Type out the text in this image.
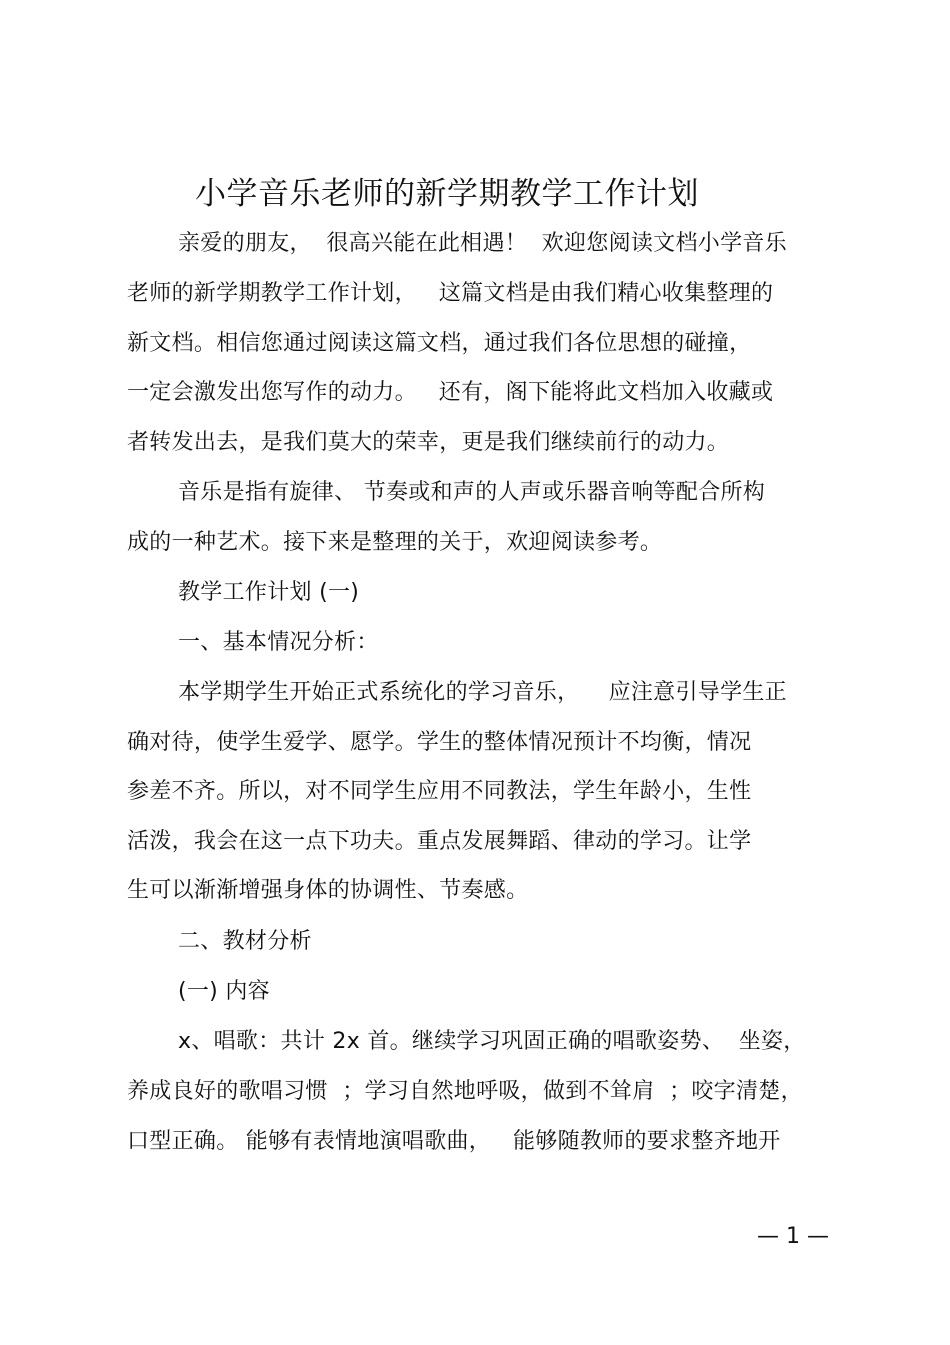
小学音乐老师的新学期教学工作计划
亲爱的朋友，  很高兴能在此相遇！  欢迎您阅读文档小学音乐
老师的新学期教学工作计划，   这篇文档是由我们精心收集整理的
新文档。相信您通过阅读这篇文档，通过我们各位思想的碰撞，
一定会激发出您写作的动力。   还有，阁下能将此文档加入收藏或
者转发出去，是我们莫大的荣幸，更是我们继续前行的动力。
音乐是指有旋律、 节奏或和声的人声或乐器音响等配合所构
成的一种艺术。接下来是整理的关于，欢迎阅读参考。
教学工作计划 (一)
一、基本情况分析：
本学期学生开始正式系统化的学习音乐，    应注意引导学生正
确对待，使学生爱学、愿学。学生的整体情况预计不均衡，情况
参差不齐。所以，对不同学生应用不同教法，学生年龄小，生性
活泼，我会在这一点下功夫。重点发展舞蹈、律动的学习。让学
生可以渐渐增强身体的协调性、节奏感。
二、教材分析
(一) 内容
x、唱歌：共计 2x 首。继续学习巩固正确的唱歌姿势、  坐姿，
养成良好的歌唱习惯  ；学习自然地呼吸，做到不耸肩  ；咬字清楚，
口型正确。 能够有表情地演唱歌曲，   能够随教师的要求整齐地开
— 1 —
